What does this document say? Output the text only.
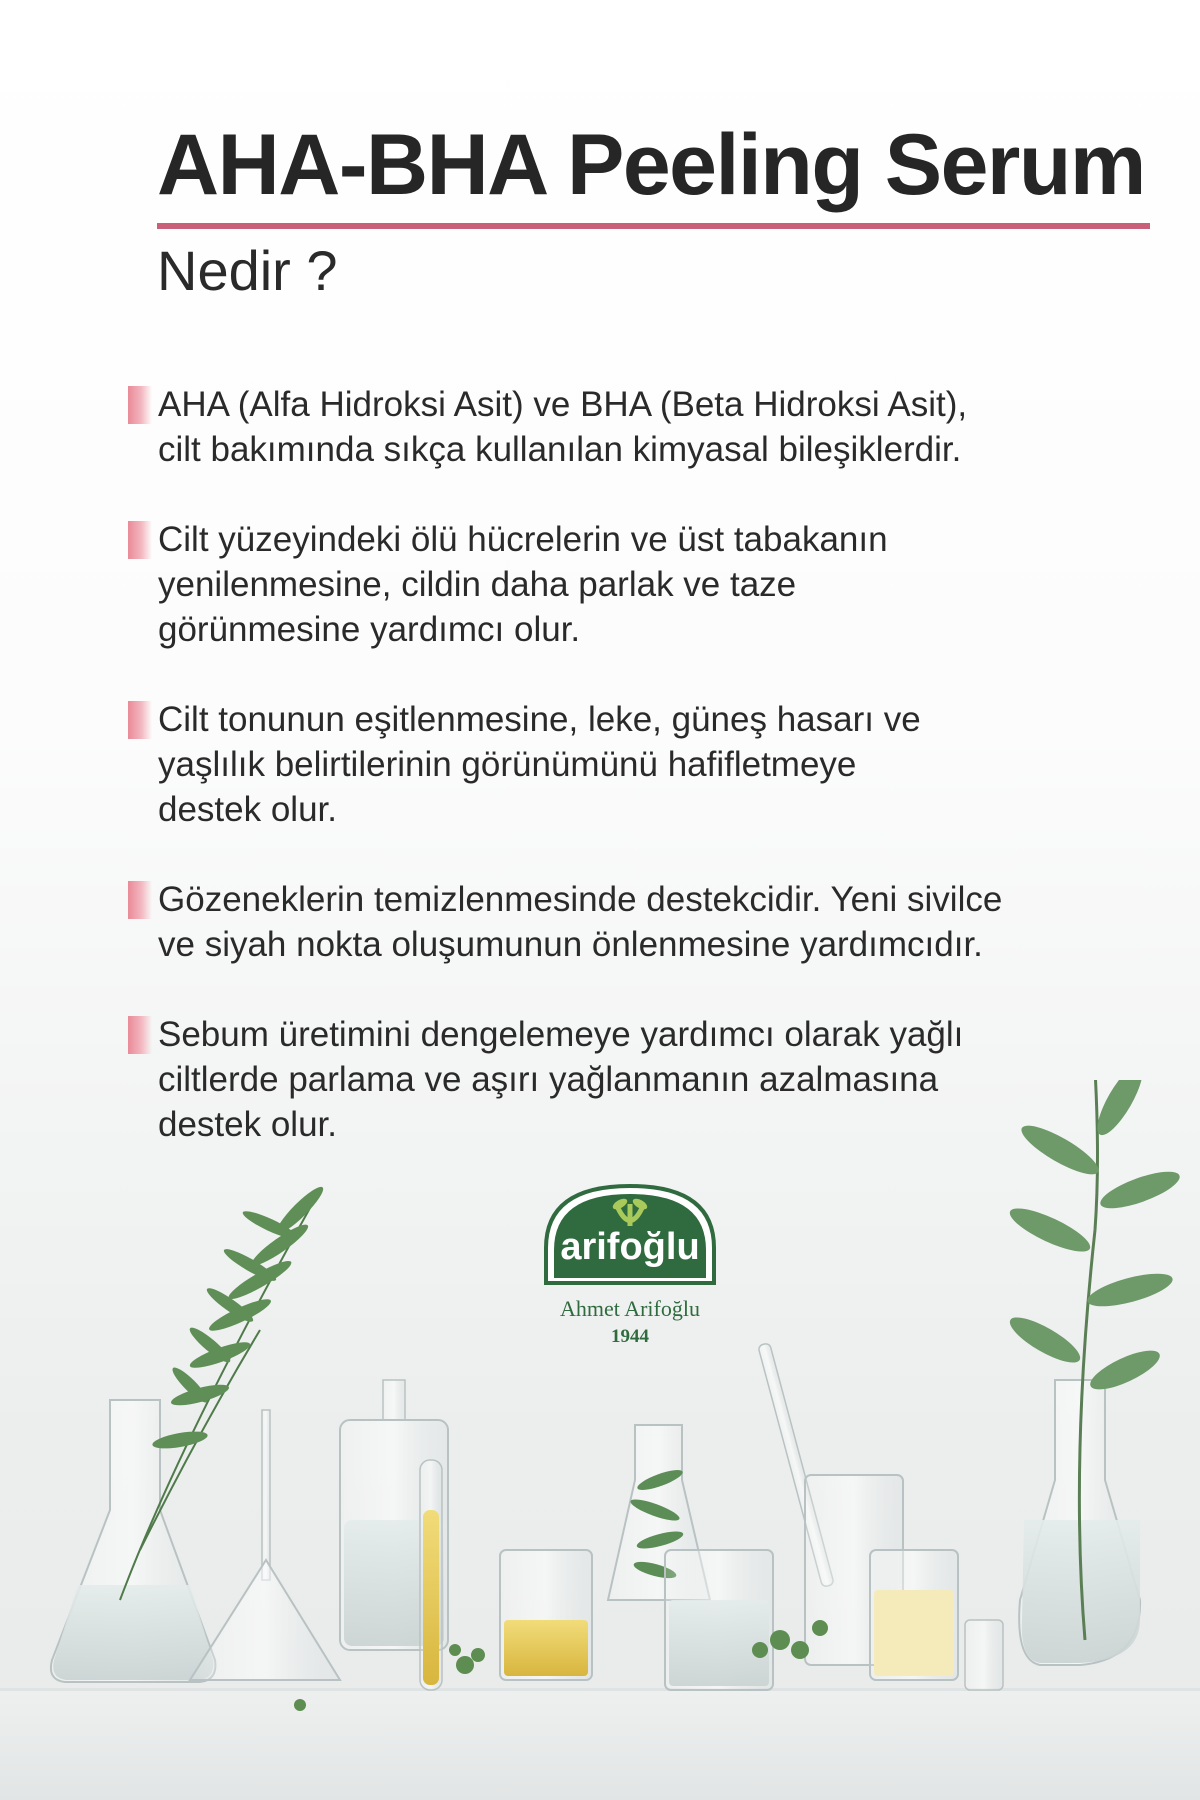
AHA-BHA Peeling Serum
Nedir ?
AHA (Alfa Hidroksi Asit) ve BHA (Beta Hidroksi Asit),
cilt bakımında sıkça kullanılan kimyasal bileşiklerdir.
Cilt yüzeyindeki ölü hücrelerin ve üst tabakanın
yenilenmesine, cildin daha parlak ve taze
görünmesine yardımcı olur.
Cilt tonunun eşitlenmesine, leke, güneş hasarı ve
yaşlılık belirtilerinin görünümünü hafifletmeye
destek olur.
Gözeneklerin temizlenmesinde destekcidir. Yeni sivilce
ve siyah nokta oluşumunun önlenmesine yardımcıdır.
Sebum üretimini dengelemeye yardımcı olarak yağlı
ciltlerde parlama ve aşırı yağlanmanın azalmasına
destek olur.
arifoğlu
Ahmet Arifoğlu
1944
